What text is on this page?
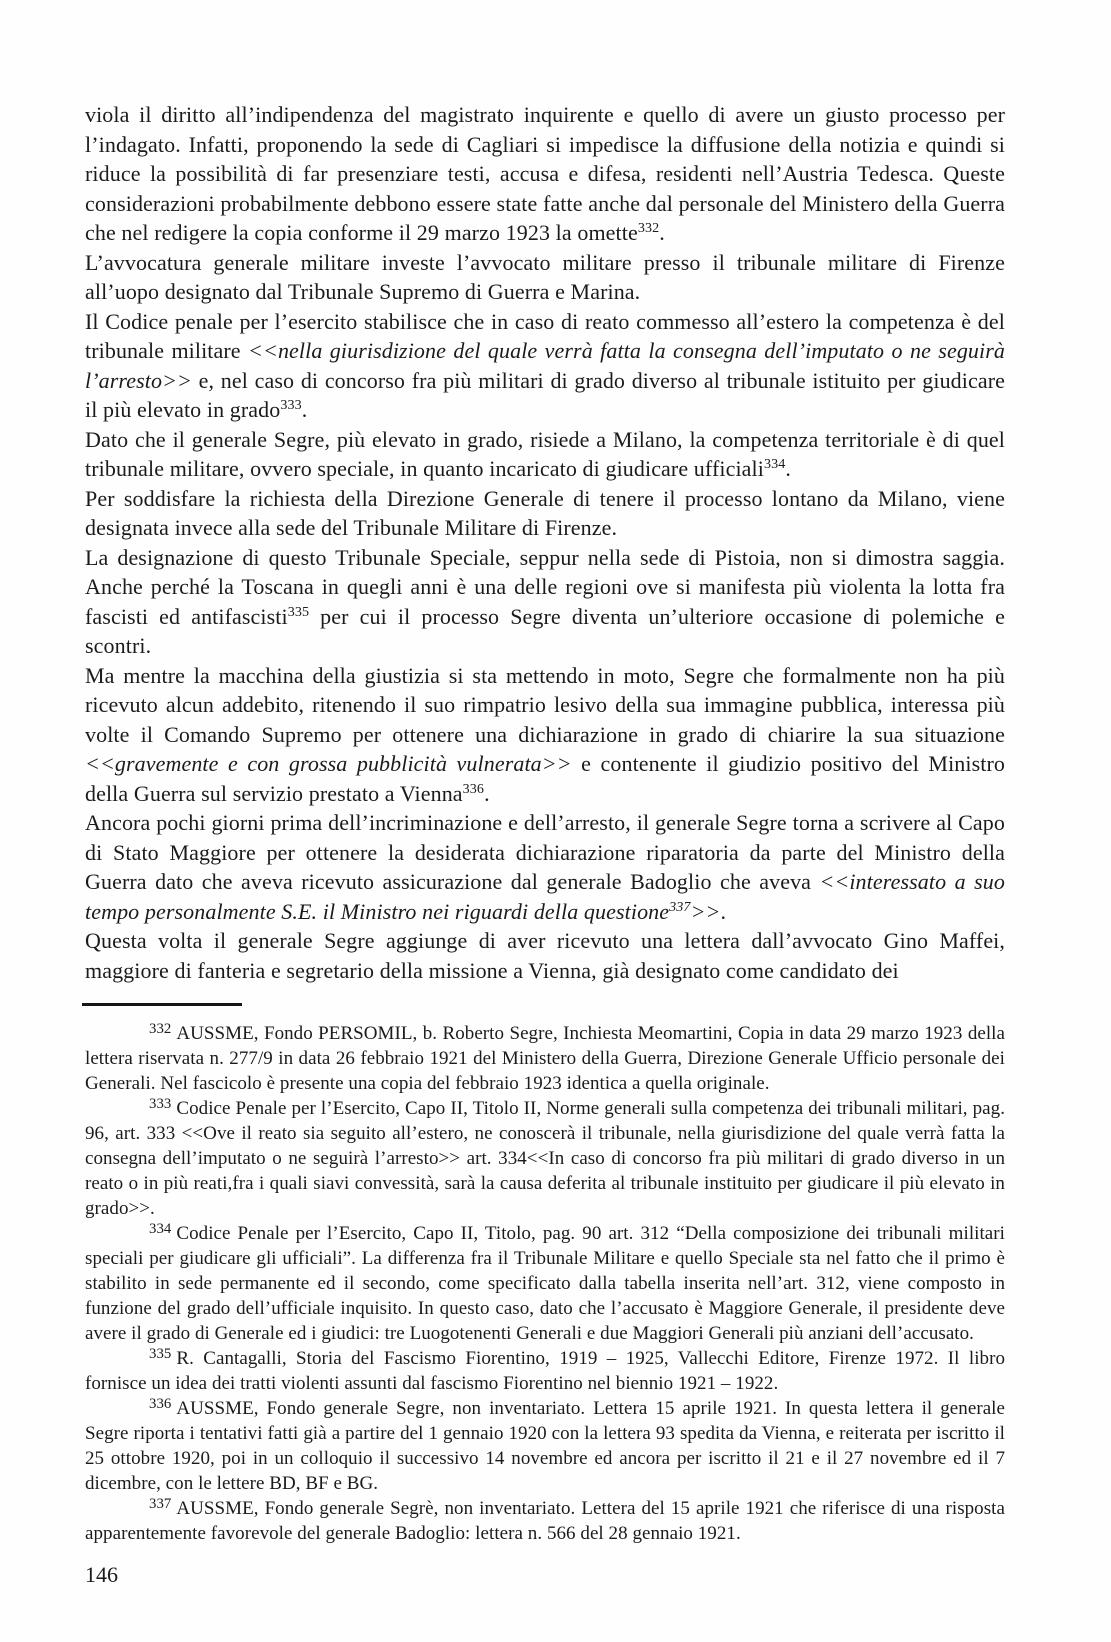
viola il diritto all’indipendenza del magistrato inquirente e quello di avere un giusto processo per l’indagato. Infatti, proponendo la sede di Cagliari si impedisce la diffusione della notizia e quindi si riduce la possibilità di far presenziare testi, accusa e difesa, residenti nell’Austria Tedesca. Queste considerazioni probabilmente debbono essere state fatte anche dal personale del Ministero della Guerra che nel redigere la copia conforme il 29 marzo 1923 la omette$^{332}$.

L’avvocatura generale militare investe l’avvocato militare presso il tribunale militare di Firenze all’uopo designato dal Tribunale Supremo di Guerra e Marina.

Il Codice penale per l’esercito stabilisce che in caso di reato commesso all’estero la competenza è del tribunale militare <<nella giurisdizione del quale verrà fatta la consegna dell’imputato o ne seguirà l’arresto>> e, nel caso di concorso fra più militari di grado diverso al tribunale istituito per giudicare il più elevato in grado$^{333}$.

Dato che il generale Segre, più elevato in grado, risiede a Milano, la competenza territoriale è di quel tribunale militare, ovvero speciale, in quanto incaricato di giudicare ufficiali$^{334}$.

Per soddisfare la richiesta della Direzione Generale di tenere il processo lontano da Milano, viene designata invece alla sede del Tribunale Militare di Firenze.

La designazione di questo Tribunale Speciale, seppur nella sede di Pistoia, non si dimostra saggia. Anche perché la Toscana in quegli anni è una delle regioni ove si manifesta più violenta la lotta fra fascisti ed antifascisti$^{335}$ per cui il processo Segre diventa un’ulteriore occasione di polemiche e scontri.

Ma mentre la macchina della giustizia si sta mettendo in moto, Segre che formalmente non ha più ricevuto alcun addebito, ritenendo il suo rimpatrio lesivo della sua immagine pubblica, interessa più volte il Comando Supremo per ottenere una dichiarazione in grado di chiarire la sua situazione <<gravemente e con grossa pubblicità vulnerata>> e contenente il giudizio positivo del Ministro della Guerra sul servizio prestato a Vienna$^{336}$.

Ancora pochi giorni prima dell’incriminazione e dell’arresto, il generale Segre torna a scrivere al Capo di Stato Maggiore per ottenere la desiderata dichiarazione riparatoria da parte del Ministro della Guerra dato che aveva ricevuto assicurazione dal generale Badoglio che aveva <<interessato a suo tempo personalmente S.E. il Ministro nei riguardi della questione$^{337}$>>.

Questa volta il generale Segre aggiunge di aver ricevuto una lettera dall’avvocato Gino Maffei, maggiore di fanteria e segretario della missione a Vienna, già designato come candidato dei

$^{332}$ AUSSME, Fondo PERSOMIL, b. Roberto Segre, Inchiesta Meomartini, Copia in data 29 marzo 1923 della lettera riservata n. 277/9 in data 26 febbraio 1921 del Ministero della Guerra, Direzione Generale Ufficio personale dei Generali. Nel fascicolo è presente una copia del febbraio 1923 identica a quella originale.

$^{333}$ Codice Penale per l’Esercito, Capo II, Titolo II, Norme generali sulla competenza dei tribunali militari, pag. 96, art. 333 <<Ove il reato sia seguito all’estero, ne conoscerà il tribunale, nella giurisdizione del quale verrà fatta la consegna dell’imputato o ne seguirà l’arresto>> art. 334<<In caso di concorso fra più militari di grado diverso in un reato o in più reati,fra i quali siavi convessità, sarà la causa deferita al tribunale instituito per giudicare il più elevato in grado>>.

$^{334}$ Codice Penale per l’Esercito, Capo II, Titolo, pag. 90 art. 312 “Della composizione dei tribunali militari speciali per giudicare gli ufficiali”. La differenza fra il Tribunale Militare e quello Speciale sta nel fatto che il primo è stabilito in sede permanente ed il secondo, come specificato dalla tabella inserita nell’art. 312, viene composto in funzione del grado dell’ufficiale inquisito. In questo caso, dato che l’accusato è Maggiore Generale, il presidente deve avere il grado di Generale ed i giudici: tre Luogotenenti Generali e due Maggiori Generali più anziani dell’accusato.

$^{335}$ R. Cantagalli, Storia del Fascismo Fiorentino, 1919 – 1925, Vallecchi Editore, Firenze 1972. Il libro fornisce un idea dei tratti violenti assunti dal fascismo Fiorentino nel biennio 1921 – 1922.

$^{336}$ AUSSME, Fondo generale Segre, non inventariato. Lettera 15 aprile 1921. In questa lettera il generale Segre riporta i tentativi fatti già a partire del 1 gennaio 1920 con la lettera 93 spedita da Vienna, e reiterata per iscritto il 25 ottobre 1920, poi in un colloquio il successivo 14 novembre ed ancora per iscritto il 21 e il 27 novembre ed il 7 dicembre, con le lettere BD, BF e BG.

$^{337}$ AUSSME, Fondo generale Segrè, non inventariato. Lettera del 15 aprile 1921 che riferisce di una risposta apparentemente favorevole del generale Badoglio: lettera n. 566 del 28 gennaio 1921.

146
